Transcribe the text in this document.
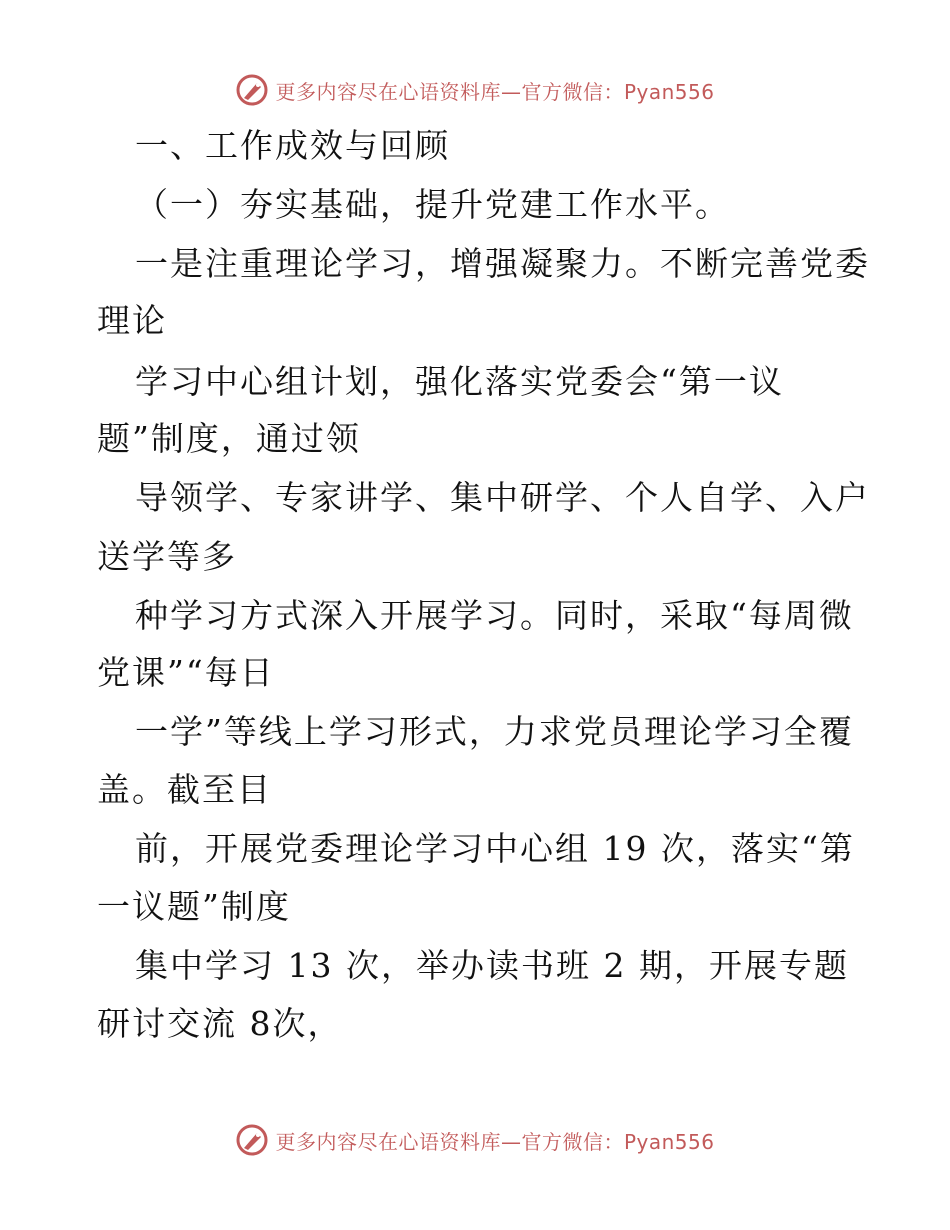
更多内容尽在心语资料库—官方微信：Pyan556
一、工作成效与回顾
（一）夯实基础，提升党建工作水平。
一是注重理论学习，增强凝聚力。不断完善党委
理论
学习中心组计划，强化落实党委会“第一议
题”制度，通过领
导领学、专家讲学、集中研学、个人自学、入户
送学等多
种学习方式深入开展学习。同时，采取“每周微
党课”“每日
一学”等线上学习形式，力求党员理论学习全覆
盖。截至目
前，开展党委理论学习中心组 19 次，落实“第
一议题”制度
集中学习 13 次，举办读书班 2 期，开展专题
研讨交流 8次，
更多内容尽在心语资料库—官方微信：Pyan556
